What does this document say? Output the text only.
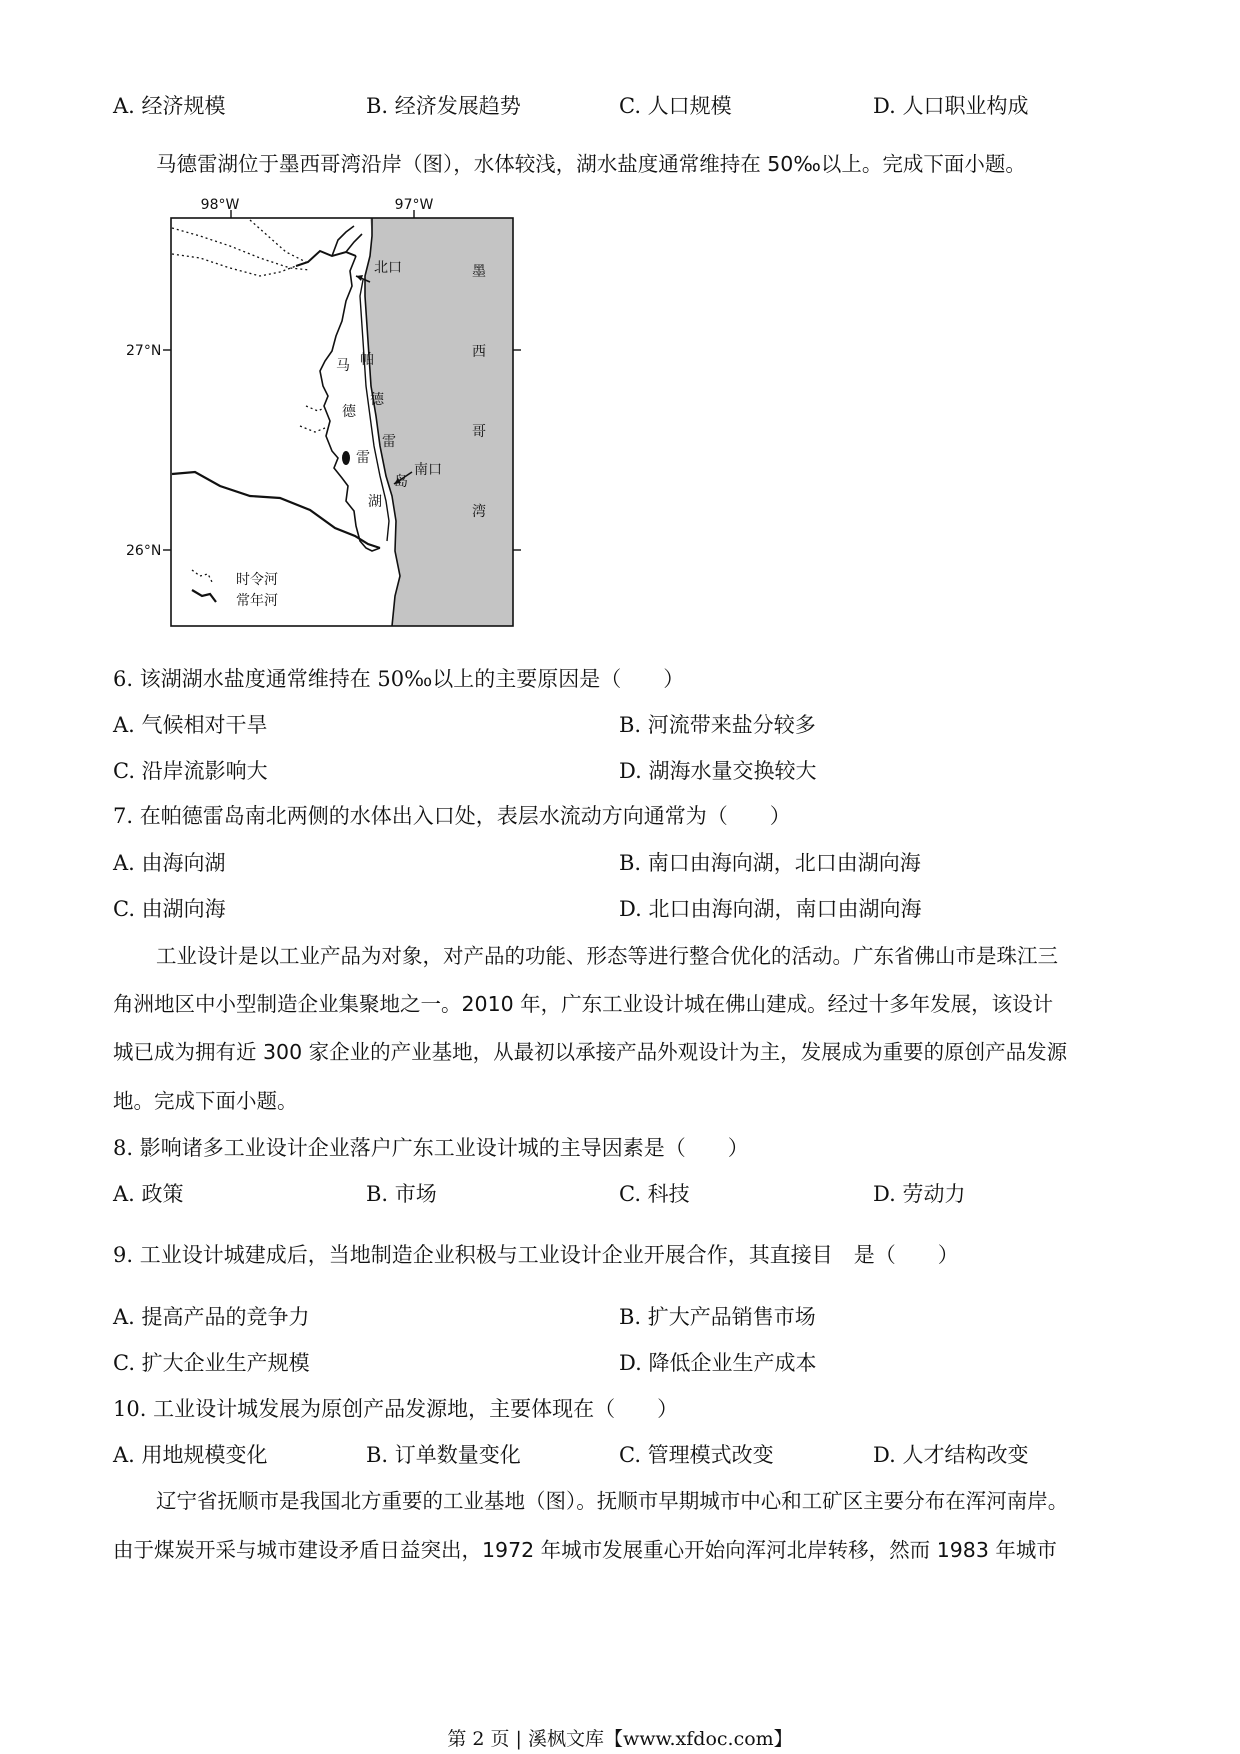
A. 经济规模	B. 经济发展趋势	C. 人口规模	D. 人口职业构成
马德雷湖位于墨西哥湾沿岸（图），水体较浅，湖水盐度通常维持在 50‰以上。完成下面小题。
98°W	97°W
27°N
26°N
北口
南口
墨
西
哥
湾
马
德
雷
湖
帕
德
雷
岛
时令河
常年河
6. 该湖湖水盐度通常维持在 50‰以上的主要原因是（　　）
A. 气候相对干旱	B. 河流带来盐分较多
C. 沿岸流影响大	D. 湖海水量交换较大
7. 在帕德雷岛南北两侧的水体出入口处，表层水流动方向通常为（　　）
A. 由海向湖	B. 南口由海向湖，北口由湖向海
C. 由湖向海	D. 北口由海向湖，南口由湖向海
工业设计是以工业产品为对象，对产品的功能、形态等进行整合优化的活动。广东省佛山市是珠江三
角洲地区中小型制造企业集聚地之一。2010 年，广东工业设计城在佛山建成。经过十多年发展，该设计
城已成为拥有近 300 家企业的产业基地，从最初以承接产品外观设计为主，发展成为重要的原创产品发源
地。完成下面小题。
8. 影响诸多工业设计企业落户广东工业设计城的主导因素是（　　）
A. 政策	B. 市场	C. 科技	D. 劳动力
9. 工业设计城建成后，当地制造企业积极与工业设计企业开展合作，其直接目　是（　　）
A. 提高产品的竞争力	B. 扩大产品销售市场
C. 扩大企业生产规模	D. 降低企业生产成本
10. 工业设计城发展为原创产品发源地，主要体现在（　　）
A. 用地规模变化	B. 订单数量变化	C. 管理模式改变	D. 人才结构改变
辽宁省抚顺市是我国北方重要的工业基地（图）。抚顺市早期城市中心和工矿区主要分布在浑河南岸。
由于煤炭开采与城市建设矛盾日益突出，1972 年城市发展重心开始向浑河北岸转移，然而 1983 年城市
第 2 页 | 溪枫文库【www.xfdoc.com】
